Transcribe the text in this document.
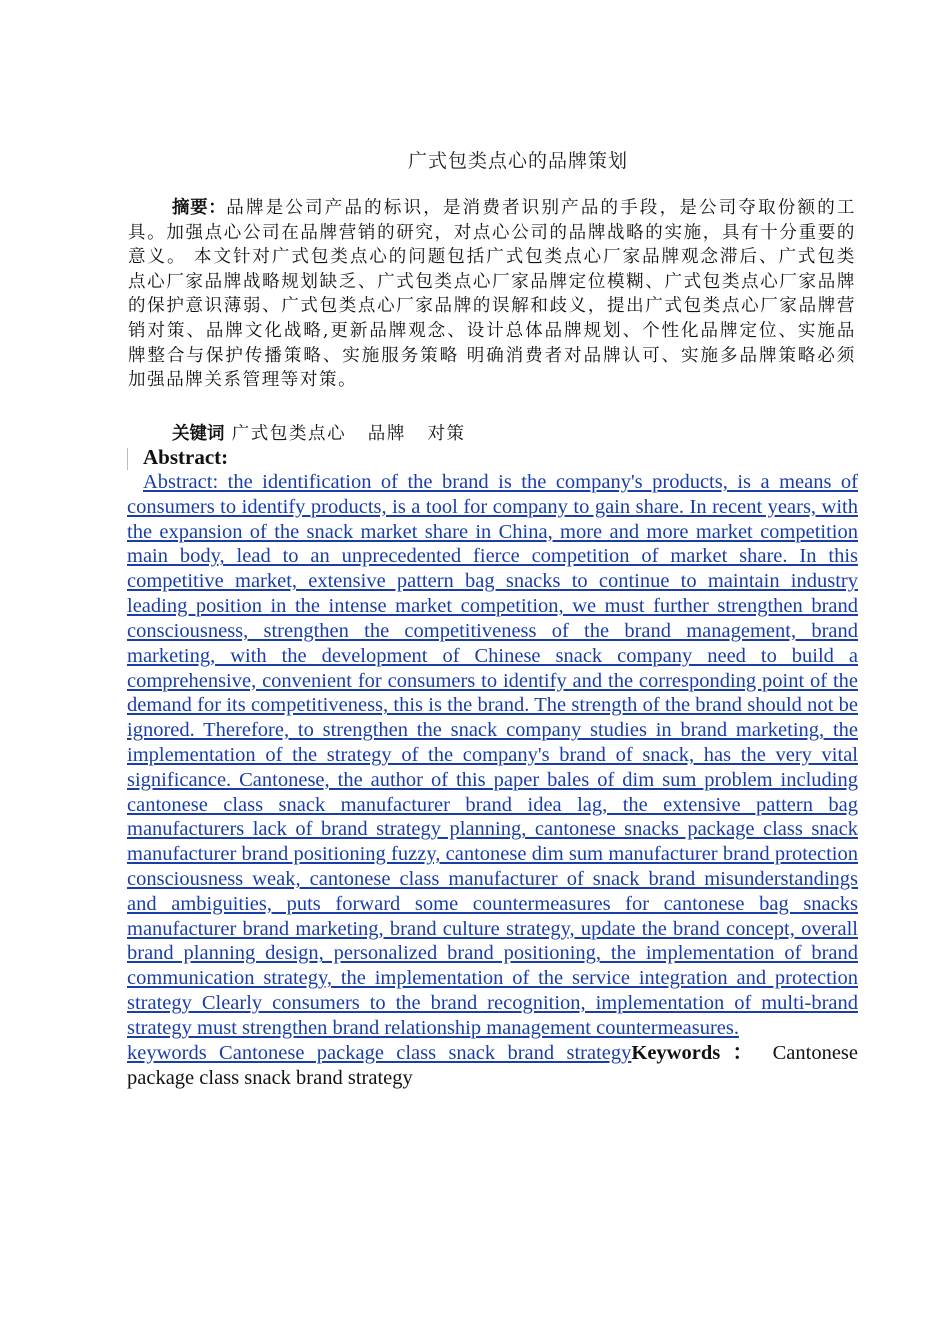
广式包类点心的品牌策划
摘要：品牌是公司产品的标识，是消费者识别产品的手段，是公司夺取份额的工具。加强点心公司在品牌营销的研究，对点心公司的品牌战略的实施，具有十分重要的意义。 本文针对广式包类点心的问题包括广式包类点心厂家品牌观念滞后、广式包类点心厂家品牌战略规划缺乏、广式包类点心厂家品牌定位模糊、广式包类点心厂家品牌的保护意识薄弱、广式包类点心厂家品牌的误解和歧义，提出广式包类点心厂家品牌营销对策、品牌文化战略,更新品牌观念、设计总体品牌规划、个性化品牌定位、实施品牌整合与保护传播策略、实施服务策略 明确消费者对品牌认可、实施多品牌策略必须加强品牌关系管理等对策。
关键词 广式包类点心   品牌   对策
Abstract:
Abstract: the identification of the brand is the company's products, is a means of consumers to identify products, is a tool for company to gain share. In recent years, with the expansion of the snack market share in China, more and more market competition main body, lead to an unprecedented fierce competition of market share. In this competitive market, extensive pattern bag snacks to continue to maintain industry leading position in the intense market competition, we must further strengthen brand consciousness, strengthen the competitiveness of the brand management, brand marketing, with the development of Chinese snack company need to build a comprehensive, convenient for consumers to identify and the corresponding point of the demand for its competitiveness, this is the brand. The strength of the brand should not be ignored. Therefore, to strengthen the snack company studies in brand marketing, the implementation of the strategy of the company's brand of snack, has the very vital significance. Cantonese, the author of this paper bales of dim sum problem including cantonese class snack manufacturer brand idea lag, the extensive pattern bag manufacturers lack of brand strategy planning, cantonese snacks package class snack manufacturer brand positioning fuzzy, cantonese dim sum manufacturer brand protection consciousness weak, cantonese class manufacturer of snack brand misunderstandings and ambiguities, puts forward some countermeasures for cantonese bag snacks manufacturer brand marketing, brand culture strategy, update the brand concept, overall brand planning design, personalized brand positioning, the implementation of brand communication strategy, the implementation of the service integration and protection strategy Clearly consumers to the brand recognition, implementation of multi-brand strategy must strengthen brand relationship management countermeasures.
keywords Cantonese package class snack brand strategyKeywords ： Cantonese package class snack brand strategy
